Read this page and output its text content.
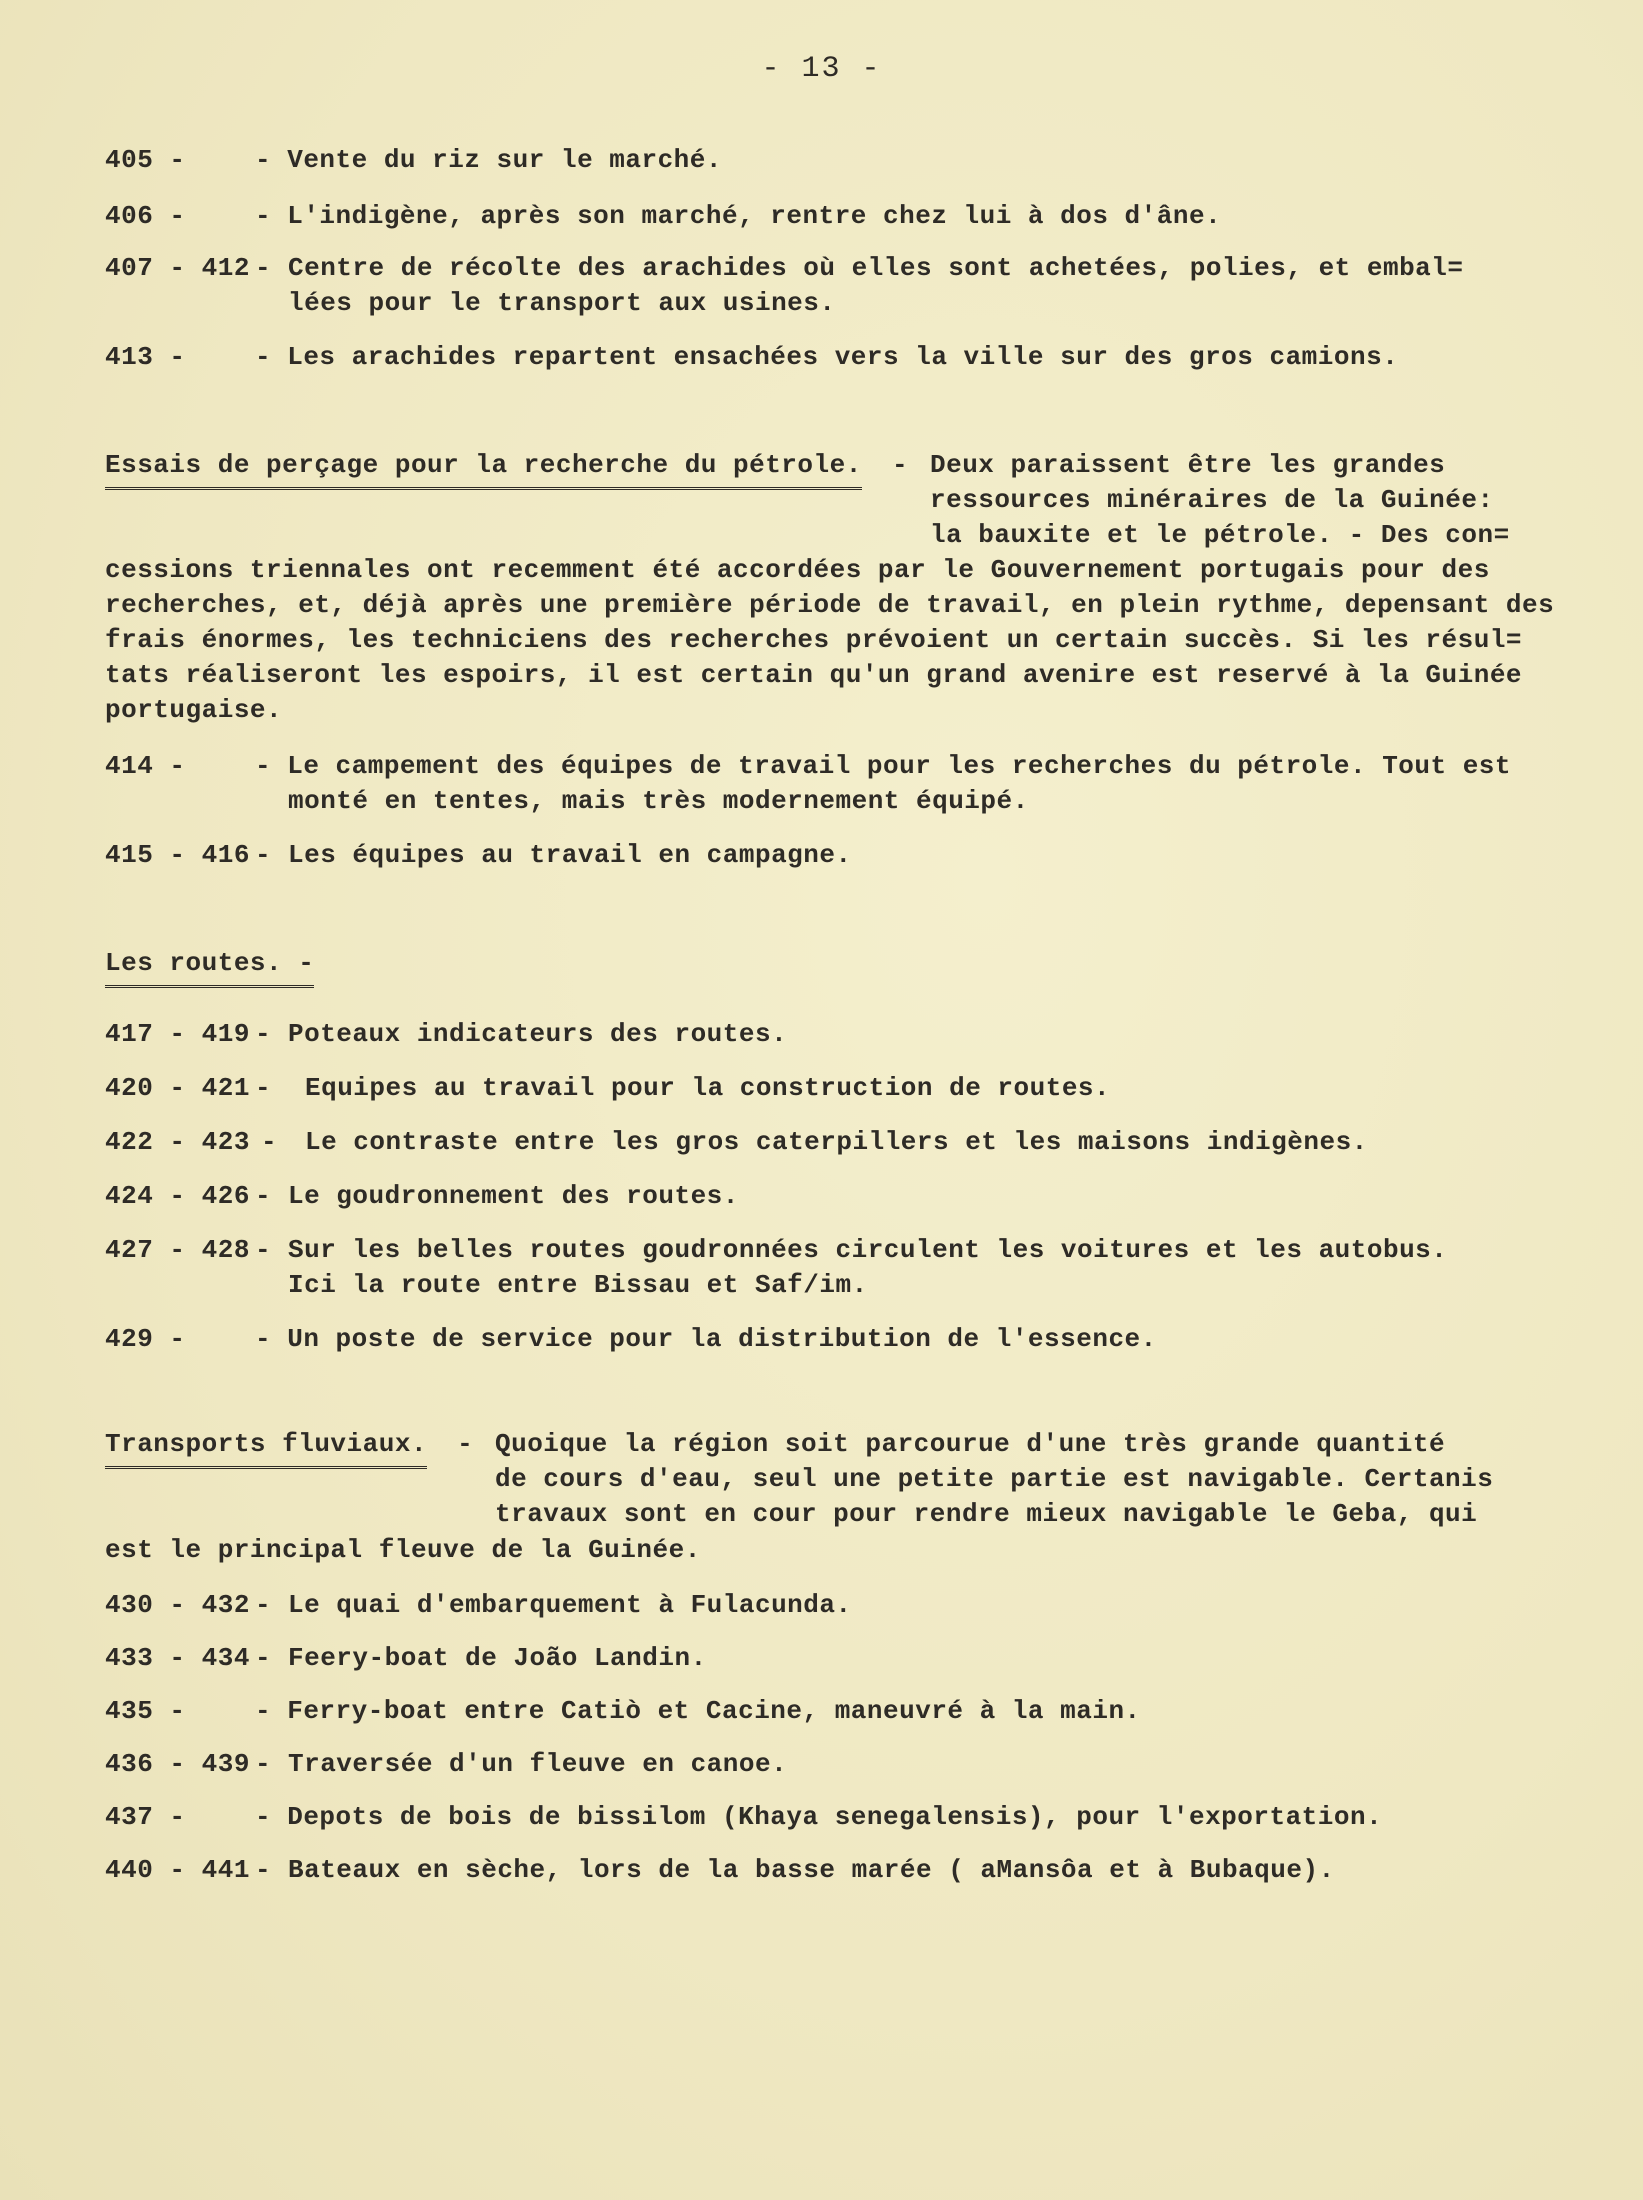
- 13 -
405 -	- Vente du riz sur le marché.
406 -	- L'indigène, après son marché, rentre chez lui à dos d'âne.
407 - 412 - Centre de récolte des arachides où elles sont achetées, polies, et embal=
lées pour le transport aux usines.
413 -	- Les arachides repartent ensachées vers la ville sur des gros camions.
Essais de perçage pour la recherche du pétrole. - Deux paraissent être les grandes
ressources minéraires de la Guinée:
la bauxite et le pétrole. - Des con=
cessions triennales ont recemment été accordées par le Gouvernement portugais pour des
recherches, et, déjà après une première période de travail, en plein rythme, depensant des
frais énormes, les techniciens des recherches prévoient un certain succès. Si les résul=
tats réaliseront les espoirs, il est certain qu'un grand avenire est reservé à la Guinée
portugaise.
414 -	- Le campement des équipes de travail pour les recherches du pétrole. Tout est
monté en tentes, mais très modernement équipé.
415 - 416 - Les équipes au travail en campagne.
Les routes. -
417 - 419 - Poteaux indicateurs des routes.
420 - 421 - Equipes au travail pour la construction de routes.
422 - 423 - Le contraste entre les gros caterpillers et les maisons indigènes.
424 - 426 - Le goudronnement des routes.
427 - 428 - Sur les belles routes goudronnées circulent les voitures et les autobus.
Ici la route entre Bissau et Saf/im.
429 -	- Un poste de service pour la distribution de l'essence.
Transports fluviaux. - Quoique la région soit parcourue d'une très grande quantité
de cours d'eau, seul une petite partie est navigable. Certanis
travaux sont en cour pour rendre mieux navigable le Geba, qui
est le principal fleuve de la Guinée.
430 - 432 - Le quai d'embarquement à Fulacunda.
433 - 434 - Feery-boat de João Landin.
435 -	- Ferry-boat entre Catiò et Cacine, maneuvré à la main.
436 - 439 - Traversée d'un fleuve en canoe.
437 -	- Depots de bois de bissilom (Khaya senegalensis), pour l'exportation.
440 - 441 - Bateaux en sèche, lors de la basse marée ( aMansôa et à Bubaque).
